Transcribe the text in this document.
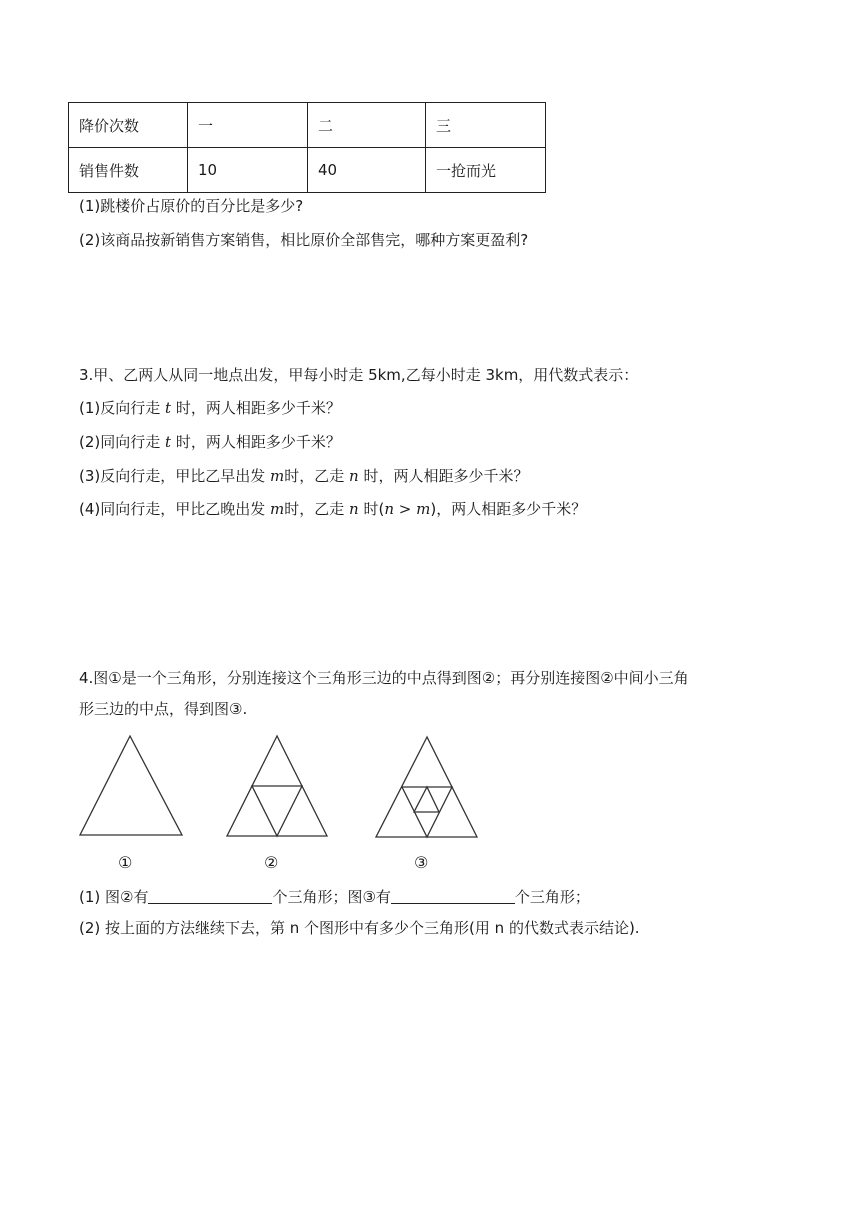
降价次数	一	二	三
销售件数	10	40	一抢而光
(1)跳楼价占原价的百分比是多少?
(2)该商品按新销售方案销售，相比原价全部售完，哪种方案更盈利?
3.甲、乙两人从同一地点出发，甲每小时走 5km,乙每小时走 3km，用代数式表示：
(1)反向行走 t 时，两人相距多少千米？
(2)同向行走 t 时，两人相距多少千米？
(3)反向行走，甲比乙早出发 m时，乙走 n 时，两人相距多少千米？
(4)同向行走，甲比乙晚出发 m时，乙走 n 时(n > m)，两人相距多少千米？
4.图①是一个三角形，分别连接这个三角形三边的中点得到图②；再分别连接图②中间小三角
形三边的中点，得到图③.
①	②	③
(1) 图②有	个三角形；图③有	个三角形；
(2) 按上面的方法继续下去，第 n 个图形中有多少个三角形(用 n 的代数式表示结论).
